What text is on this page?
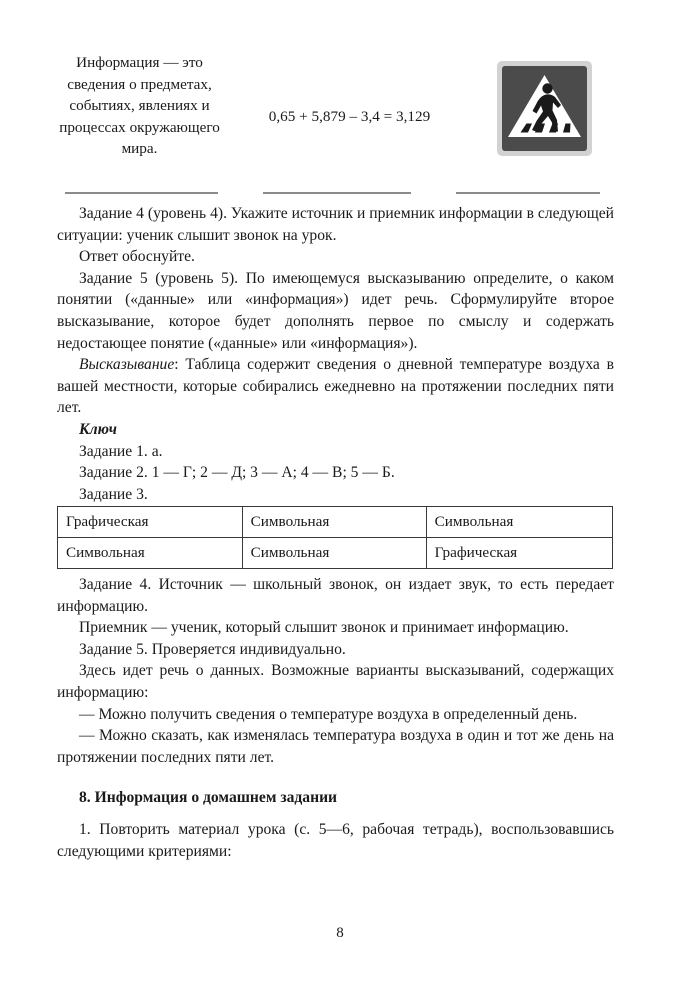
Информация — это сведения о предметах, событиях, явлениях и процессах окружающего мира.
0,65 + 5,879 – 3,4 = 3,129

Задание 4 (уровень 4). Укажите источник и приемник информации в следующей ситуации: ученик слышит звонок на урок.

Ответ обоснуйте.

Задание 5 (уровень 5). По имеющемуся высказыванию определите, о каком понятии («данные» или «информация») идет речь. Сформулируйте второе высказывание, которое будет дополнять первое по смыслу и содержать недостающее понятие («данные» или «информация»).

Высказывание: Таблица содержит сведения о дневной температуре воздуха в вашей местности, которые собирались ежедневно на протяжении последних пяти лет.

Ключ

Задание 1. а.

Задание 2. 1 — Г; 2 — Д; 3 — А; 4 — В; 5 — Б.

Задание 3.

Графическая	Символьная	Символьная
Символьная	Символьная	Графическая

Задание 4. Источник — школьный звонок, он издает звук, то есть передает информацию.

Приемник — ученик, который слышит звонок и принимает информацию.

Задание 5. Проверяется индивидуально.

Здесь идет речь о данных. Возможные варианты высказываний, содержащих информацию:

— Можно получить сведения о температуре воздуха в определенный день.

— Можно сказать, как изменялась температура воздуха в один и тот же день на протяжении последних пяти лет.

8. Информация о домашнем задании

1. Повторить материал урока (с. 5—6, рабочая тетрадь), воспользовавшись следующими критериями:

8
